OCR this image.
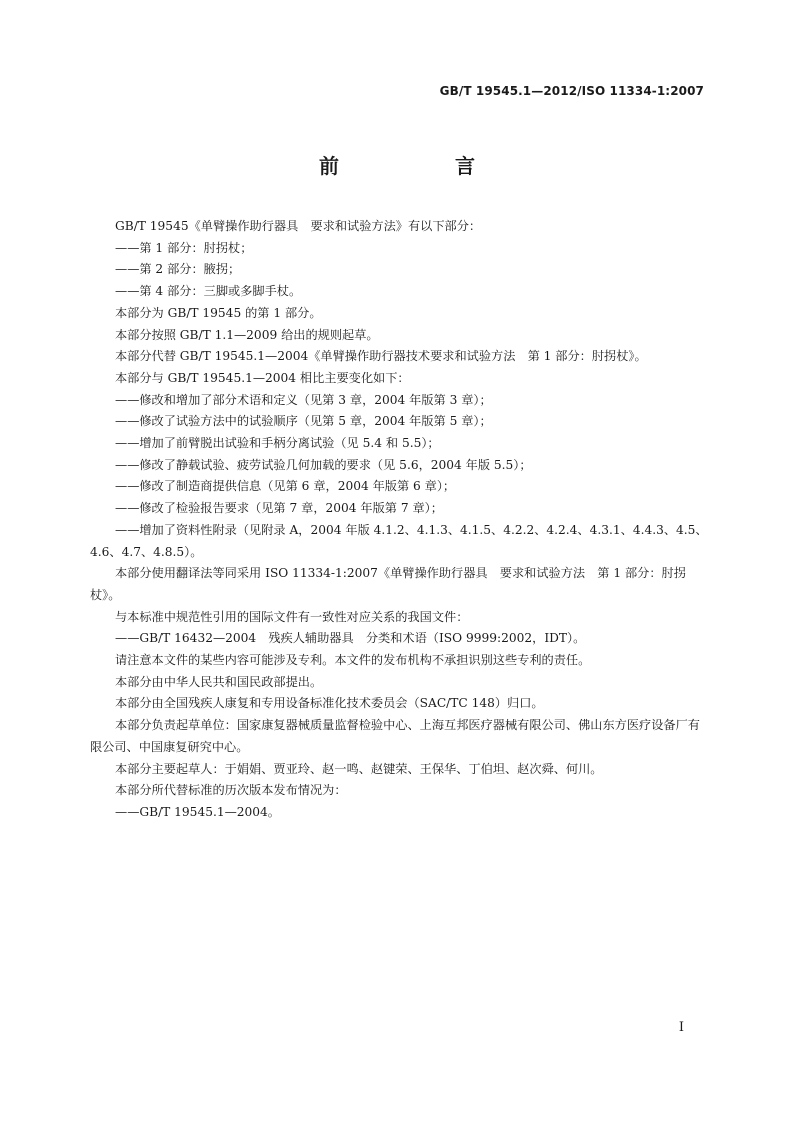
GB/T 19545.1—2012/ISO 11334-1:2007
前　言

GB/T 19545《单臂操作助行器具　要求和试验方法》有以下部分：

——第 1 部分：肘拐杖；

——第 2 部分：腋拐；

——第 4 部分：三脚或多脚手杖。

本部分为 GB/T 19545 的第 1 部分。

本部分按照 GB/T 1.1—2009 给出的规则起草。

本部分代替 GB/T 19545.1—2004《单臂操作助行器技术要求和试验方法　第 1 部分：肘拐杖》。

本部分与 GB/T 19545.1—2004 相比主要变化如下：

——修改和增加了部分术语和定义（见第 3 章，2004 年版第 3 章）；

——修改了试验方法中的试验顺序（见第 5 章，2004 年版第 5 章）；

——增加了前臂脱出试验和手柄分离试验（见 5.4 和 5.5）；

——修改了静载试验、疲劳试验几何加载的要求（见 5.6，2004 年版 5.5）；

——修改了制造商提供信息（见第 6 章，2004 年版第 6 章）；

——修改了检验报告要求（见第 7 章，2004 年版第 7 章）；

——增加了资料性附录（见附录 A，2004 年版 4.1.2、4.1.3、4.1.5、4.2.2、4.2.4、4.3.1、4.4.3、4.5、4.6、4.7、4.8.5）。

本部分使用翻译法等同采用 ISO 11334-1:2007《单臂操作助行器具　要求和试验方法　第 1 部分：肘拐杖》。

与本标准中规范性引用的国际文件有一致性对应关系的我国文件：

——GB/T 16432—2004　残疾人辅助器具　分类和术语（ISO 9999:2002，IDT）。

请注意本文件的某些内容可能涉及专利。本文件的发布机构不承担识别这些专利的责任。

本部分由中华人民共和国民政部提出。

本部分由全国残疾人康复和专用设备标准化技术委员会（SAC/TC 148）归口。

本部分负责起草单位：国家康复器械质量监督检验中心、上海互邦医疗器械有限公司、佛山东方医疗设备厂有限公司、中国康复研究中心。

本部分主要起草人：于娟娟、贾亚玲、赵一鸣、赵键荣、王保华、丁伯坦、赵次舜、何川。

本部分所代替标准的历次版本发布情况为：

——GB/T 19545.1—2004。

I
